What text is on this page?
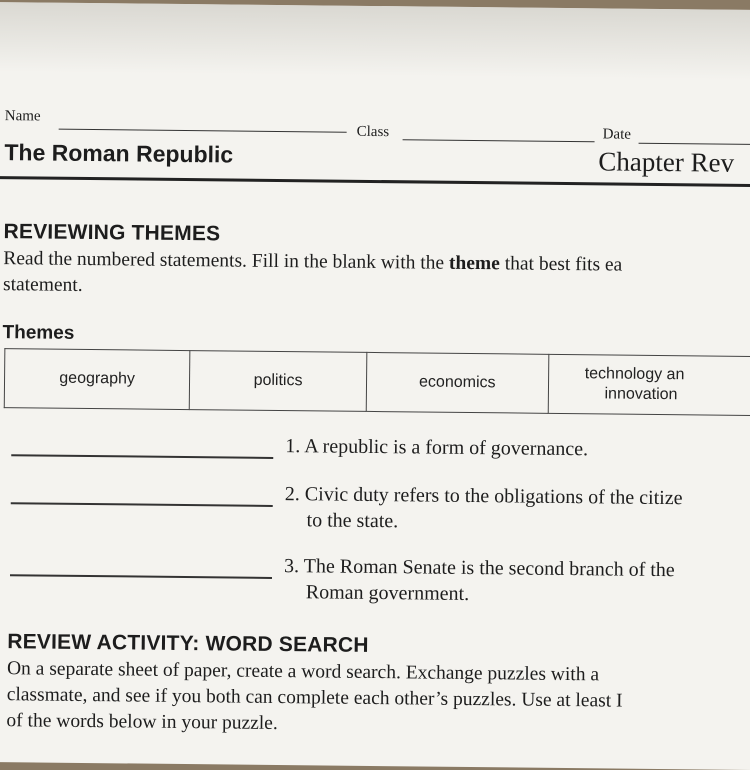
Name
Class	Date
The Roman Republic	Chapter Rev
REVIEWING THEMES
Read the numbered statements. Fill in the blank with the theme that best fits ea
statement.
Themes
geography	politics	economics	technology an
innovation
1. A republic is a form of governance.
2. Civic duty refers to the obligations of the citize
to the state.
3. The Roman Senate is the second branch of the
Roman government.
REVIEW ACTIVITY: WORD SEARCH
On a separate sheet of paper, create a word search. Exchange puzzles with a
classmate, and see if you both can complete each other’s puzzles. Use at least I
of the words below in your puzzle.
